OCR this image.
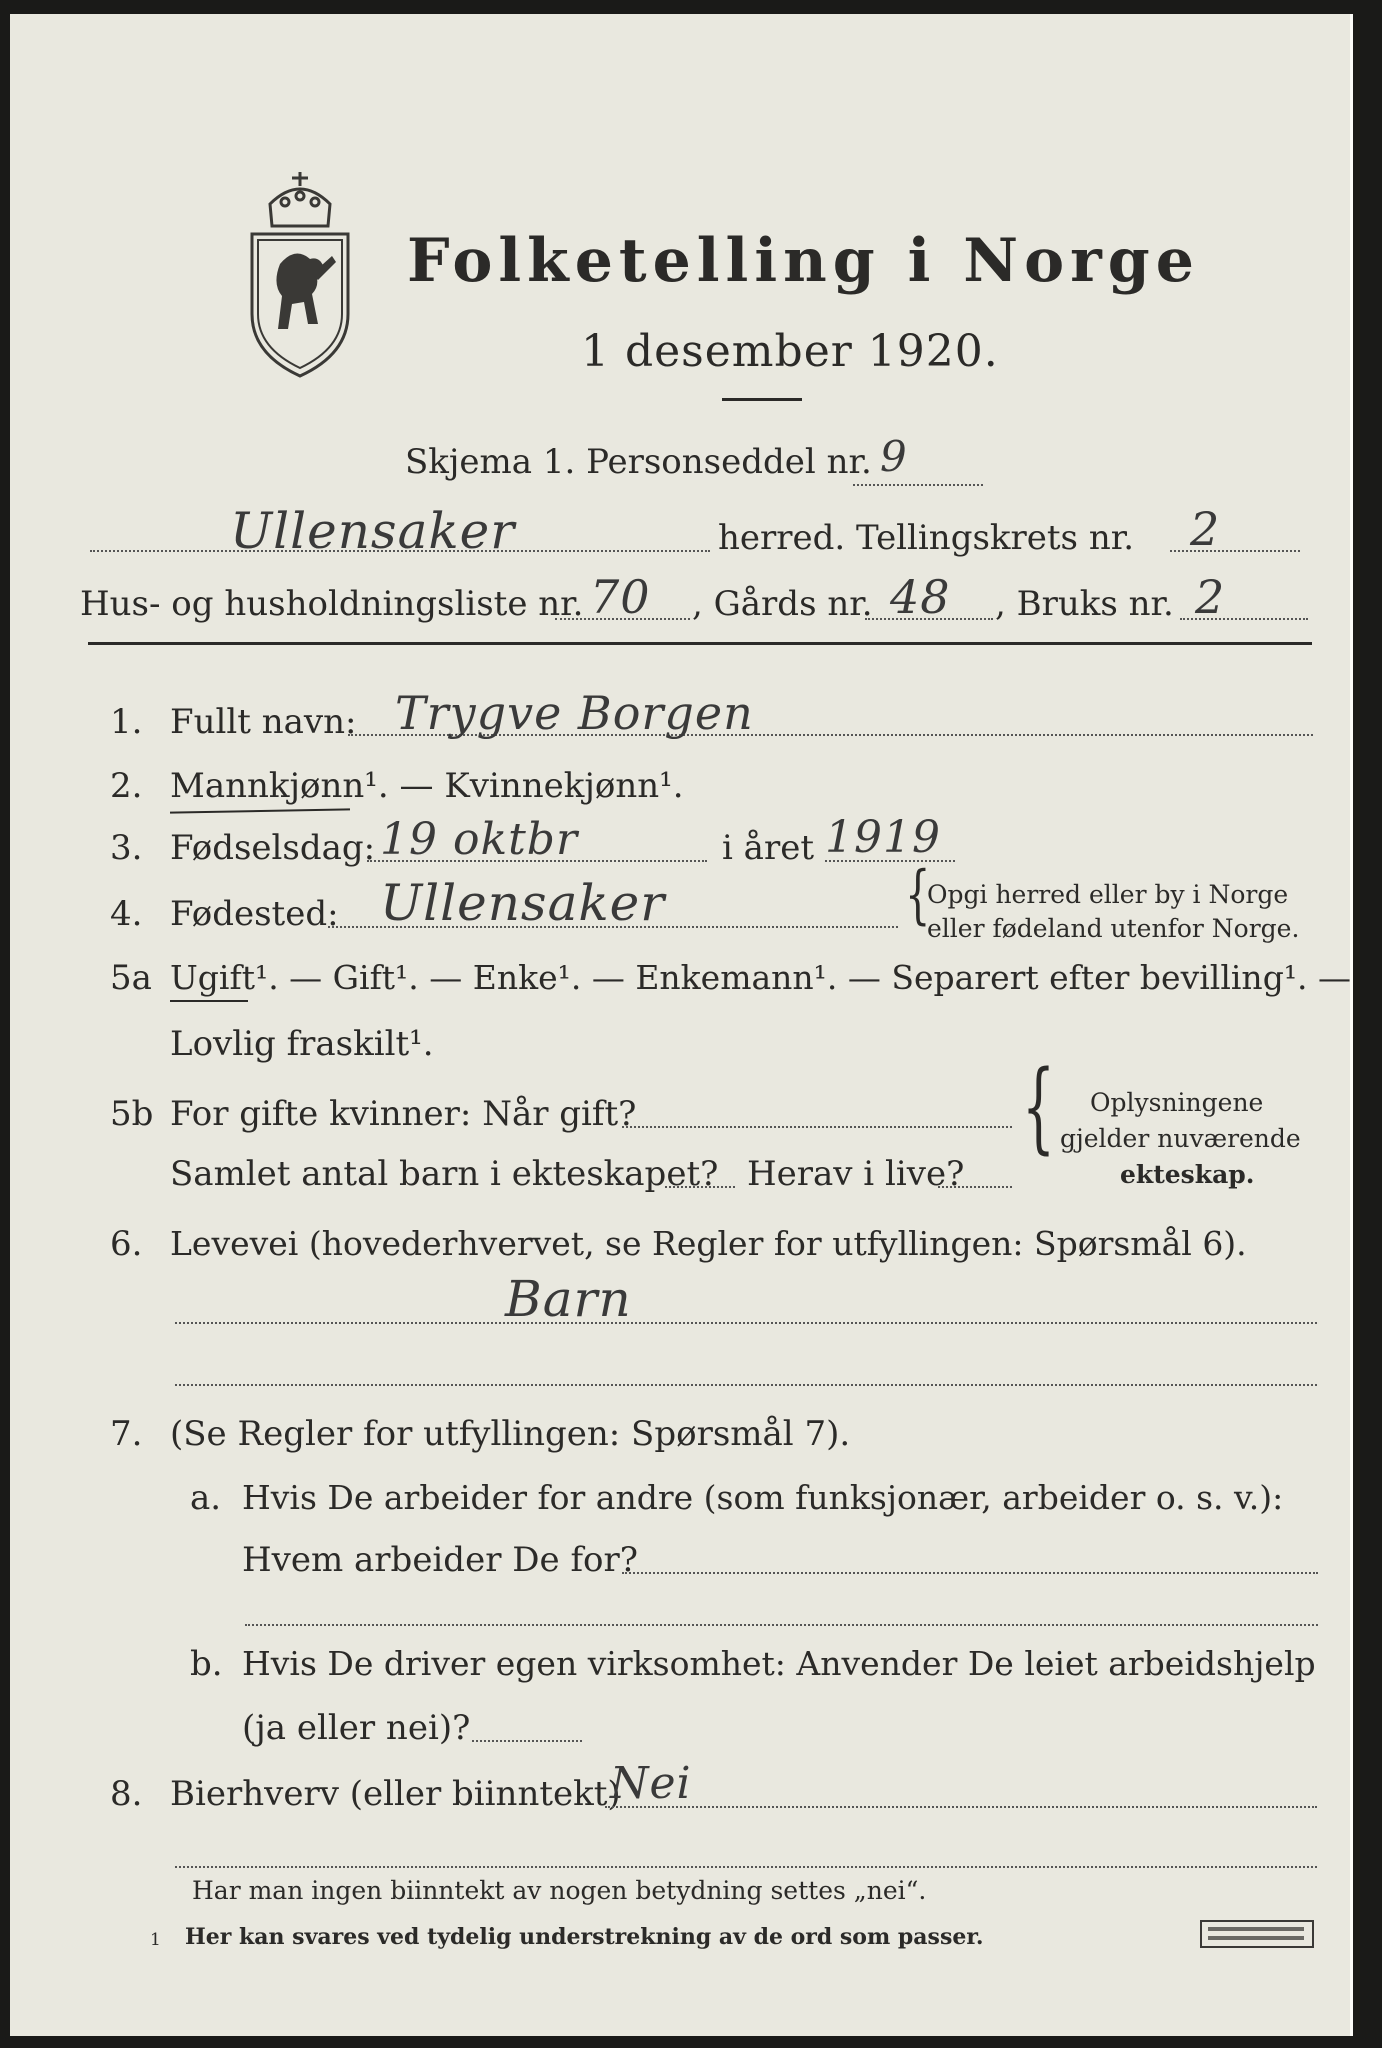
Folketelling i Norge
1 desember 1920.
Skjema 1. Personseddel nr. 9
Ullensaker	herred. Tellingskrets nr. 2
Hus- og husholdningsliste nr. 70 , Gårds nr. 48 , Bruks nr. 2
1. Fullt navn: Trygve Borgen
2. Mannkjønn¹. — Kvinnekjønn¹.
3. Fødselsdag: 19 oktbr	i året 1919
4. Fødested: Ullensaker	{
Opgi herred eller by i Norge
eller fødeland utenfor Norge.
5a Ugift¹. — Gift¹. — Enke¹. — Enkemann¹. — Separert efter bevilling¹. —
Lovlig fraskilt¹.
5b For gifte kvinner: Når gift?
Samlet antal barn i ekteskapet? Herav i live?
{ Oplysningene
gjelder nuværende
ekteskap.
6. Levevei (hovederhvervet, se Regler for utfyllingen: Spørsmål 6).
Barn
7. (Se Regler for utfyllingen: Spørsmål 7).
a. Hvis De arbeider for andre (som funksjonær, arbeider o. s. v.):
Hvem arbeider De for?
b. Hvis De driver egen virksomhet: Anvender De leiet arbeidshjelp
(ja eller nei)?
8. Bierhverv (eller biinntekt)
Nei
Har man ingen biinntekt av nogen betydning settes „nei“.
1 Her kan svares ved tydelig understrekning av de ord som passer.
